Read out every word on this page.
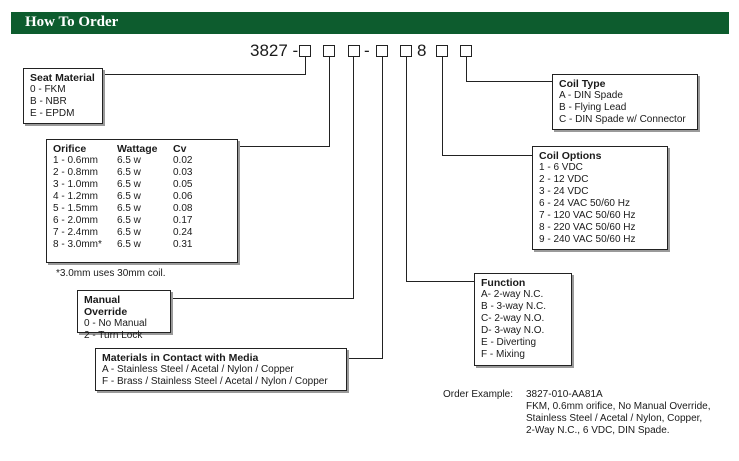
How To Order
3827 -	-	8
Seat Material
0 - FKM
B - NBR
E - EPDM
Orifice	Wattage	Cv
1 - 0.6mm	6.5 w	0.02
2 - 0.8mm	6.5 w	0.03
3 - 1.0mm	6.5 w	0.05
4 - 1.2mm	6.5 w	0.06
5 - 1.5mm	6.5 w	0.08
6 - 2.0mm	6.5 w	0.17
7 - 2.4mm	6.5 w	0.24
8 - 3.0mm*	6.5 w	0.31
*3.0mm uses 30mm coil.
Manual Override
0 - No Manual
2 - Turn Lock
Materials in Contact with Media
A - Stainless Steel / Acetal / Nylon / Copper
F - Brass / Stainless Steel / Acetal / Nylon / Copper
Coil Type
A - DIN Spade
B - Flying Lead
C - DIN Spade w/ Connector
Coil Options
1 - 6 VDC
2 - 12 VDC
3 - 24 VDC
6 - 24 VAC 50/60 Hz
7 - 120 VAC 50/60 Hz
8 - 220 VAC 50/60 Hz
9 - 240 VAC 50/60 Hz
Function
A- 2-way N.C.
B - 3-way N.C.
C- 2-way N.O.
D- 3-way N.O.
E - Diverting
F - Mixing
Order Example: 3827-010-AA81A
FKM, 0.6mm orifice, No Manual Override,
Stainless Steel / Acetal / Nylon, Copper,
2-Way N.C., 6 VDC, DIN Spade.
